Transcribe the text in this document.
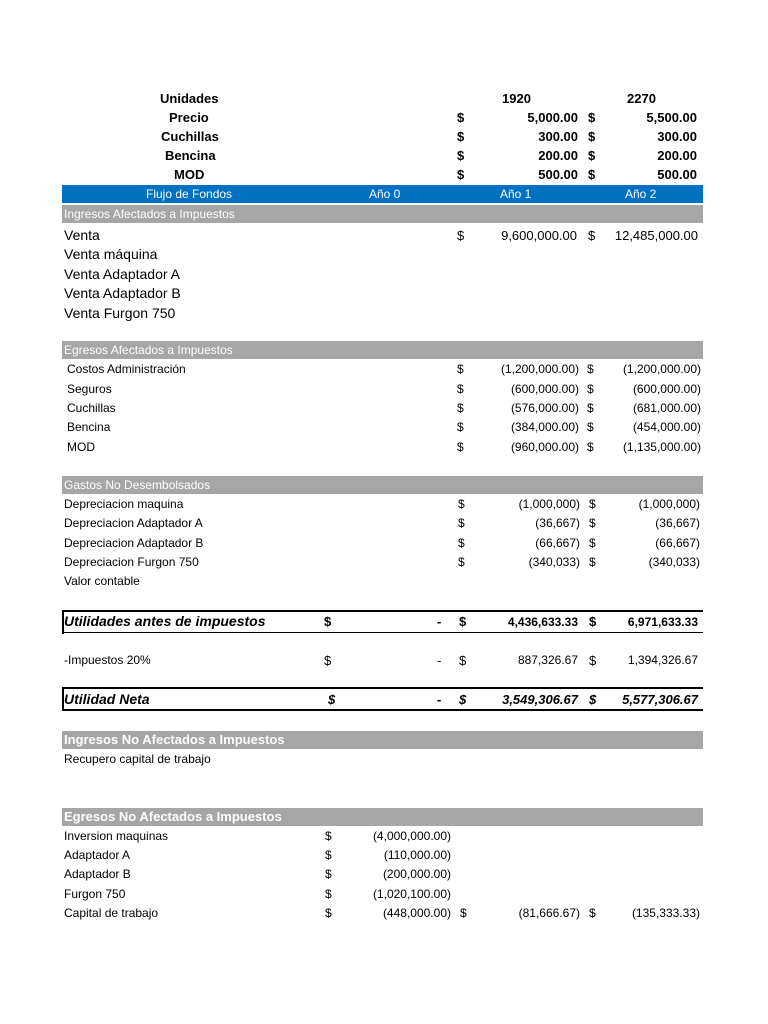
Unidades	1920	2270
Precio	$	5,000.00 $	5,500.00
Cuchillas	$	300.00 $	300.00
Bencina	$	200.00 $	200.00
MOD	$	500.00 $	500.00
Flujo de Fondos	Año 0	Año 1	Año 2
Ingresos Afectados a Impuestos
Venta	$	9,600,000.00 $	12,485,000.00
Venta máquina
Venta Adaptador A
Venta Adaptador B
Venta Furgon 750
Egresos Afectados a Impuestos
Costos Administración	$	(1,200,000.00) $	(1,200,000.00)
Seguros	$	(600,000.00) $	(600,000.00)
Cuchillas	$	(576,000.00) $	(681,000.00)
Bencina	$	(384,000.00) $	(454,000.00)
MOD	$	(960,000.00) $	(1,135,000.00)
Gastos No Desembolsados
Depreciacion maquina	$	(1,000,000) $	(1,000,000)
Depreciacion Adaptador A	$	(36,667) $	(36,667)
Depreciacion Adaptador B	$	(66,667) $	(66,667)
Depreciacion Furgon 750	$	(340,033) $	(340,033)
Valor contable
Utilidades antes de impuestos	$	- $	4,436,633.33 $	6,971,633.33
-Impuestos 20%	$	- $	887,326.67 $	1,394,326.67
Utilidad Neta	$	- $	3,549,306.67 $	5,577,306.67
Ingresos No Afectados a Impuestos
Recupero capital de trabajo
Egresos No Afectados a Impuestos
Inversion maquinas	$	(4,000,000.00)
Adaptador A	$	(110,000.00)
Adaptador B	$	(200,000.00)
Furgon 750	$	(1,020,100.00)
Capital de trabajo	$	(448,000.00) $	(81,666.67) $	(135,333.33)
